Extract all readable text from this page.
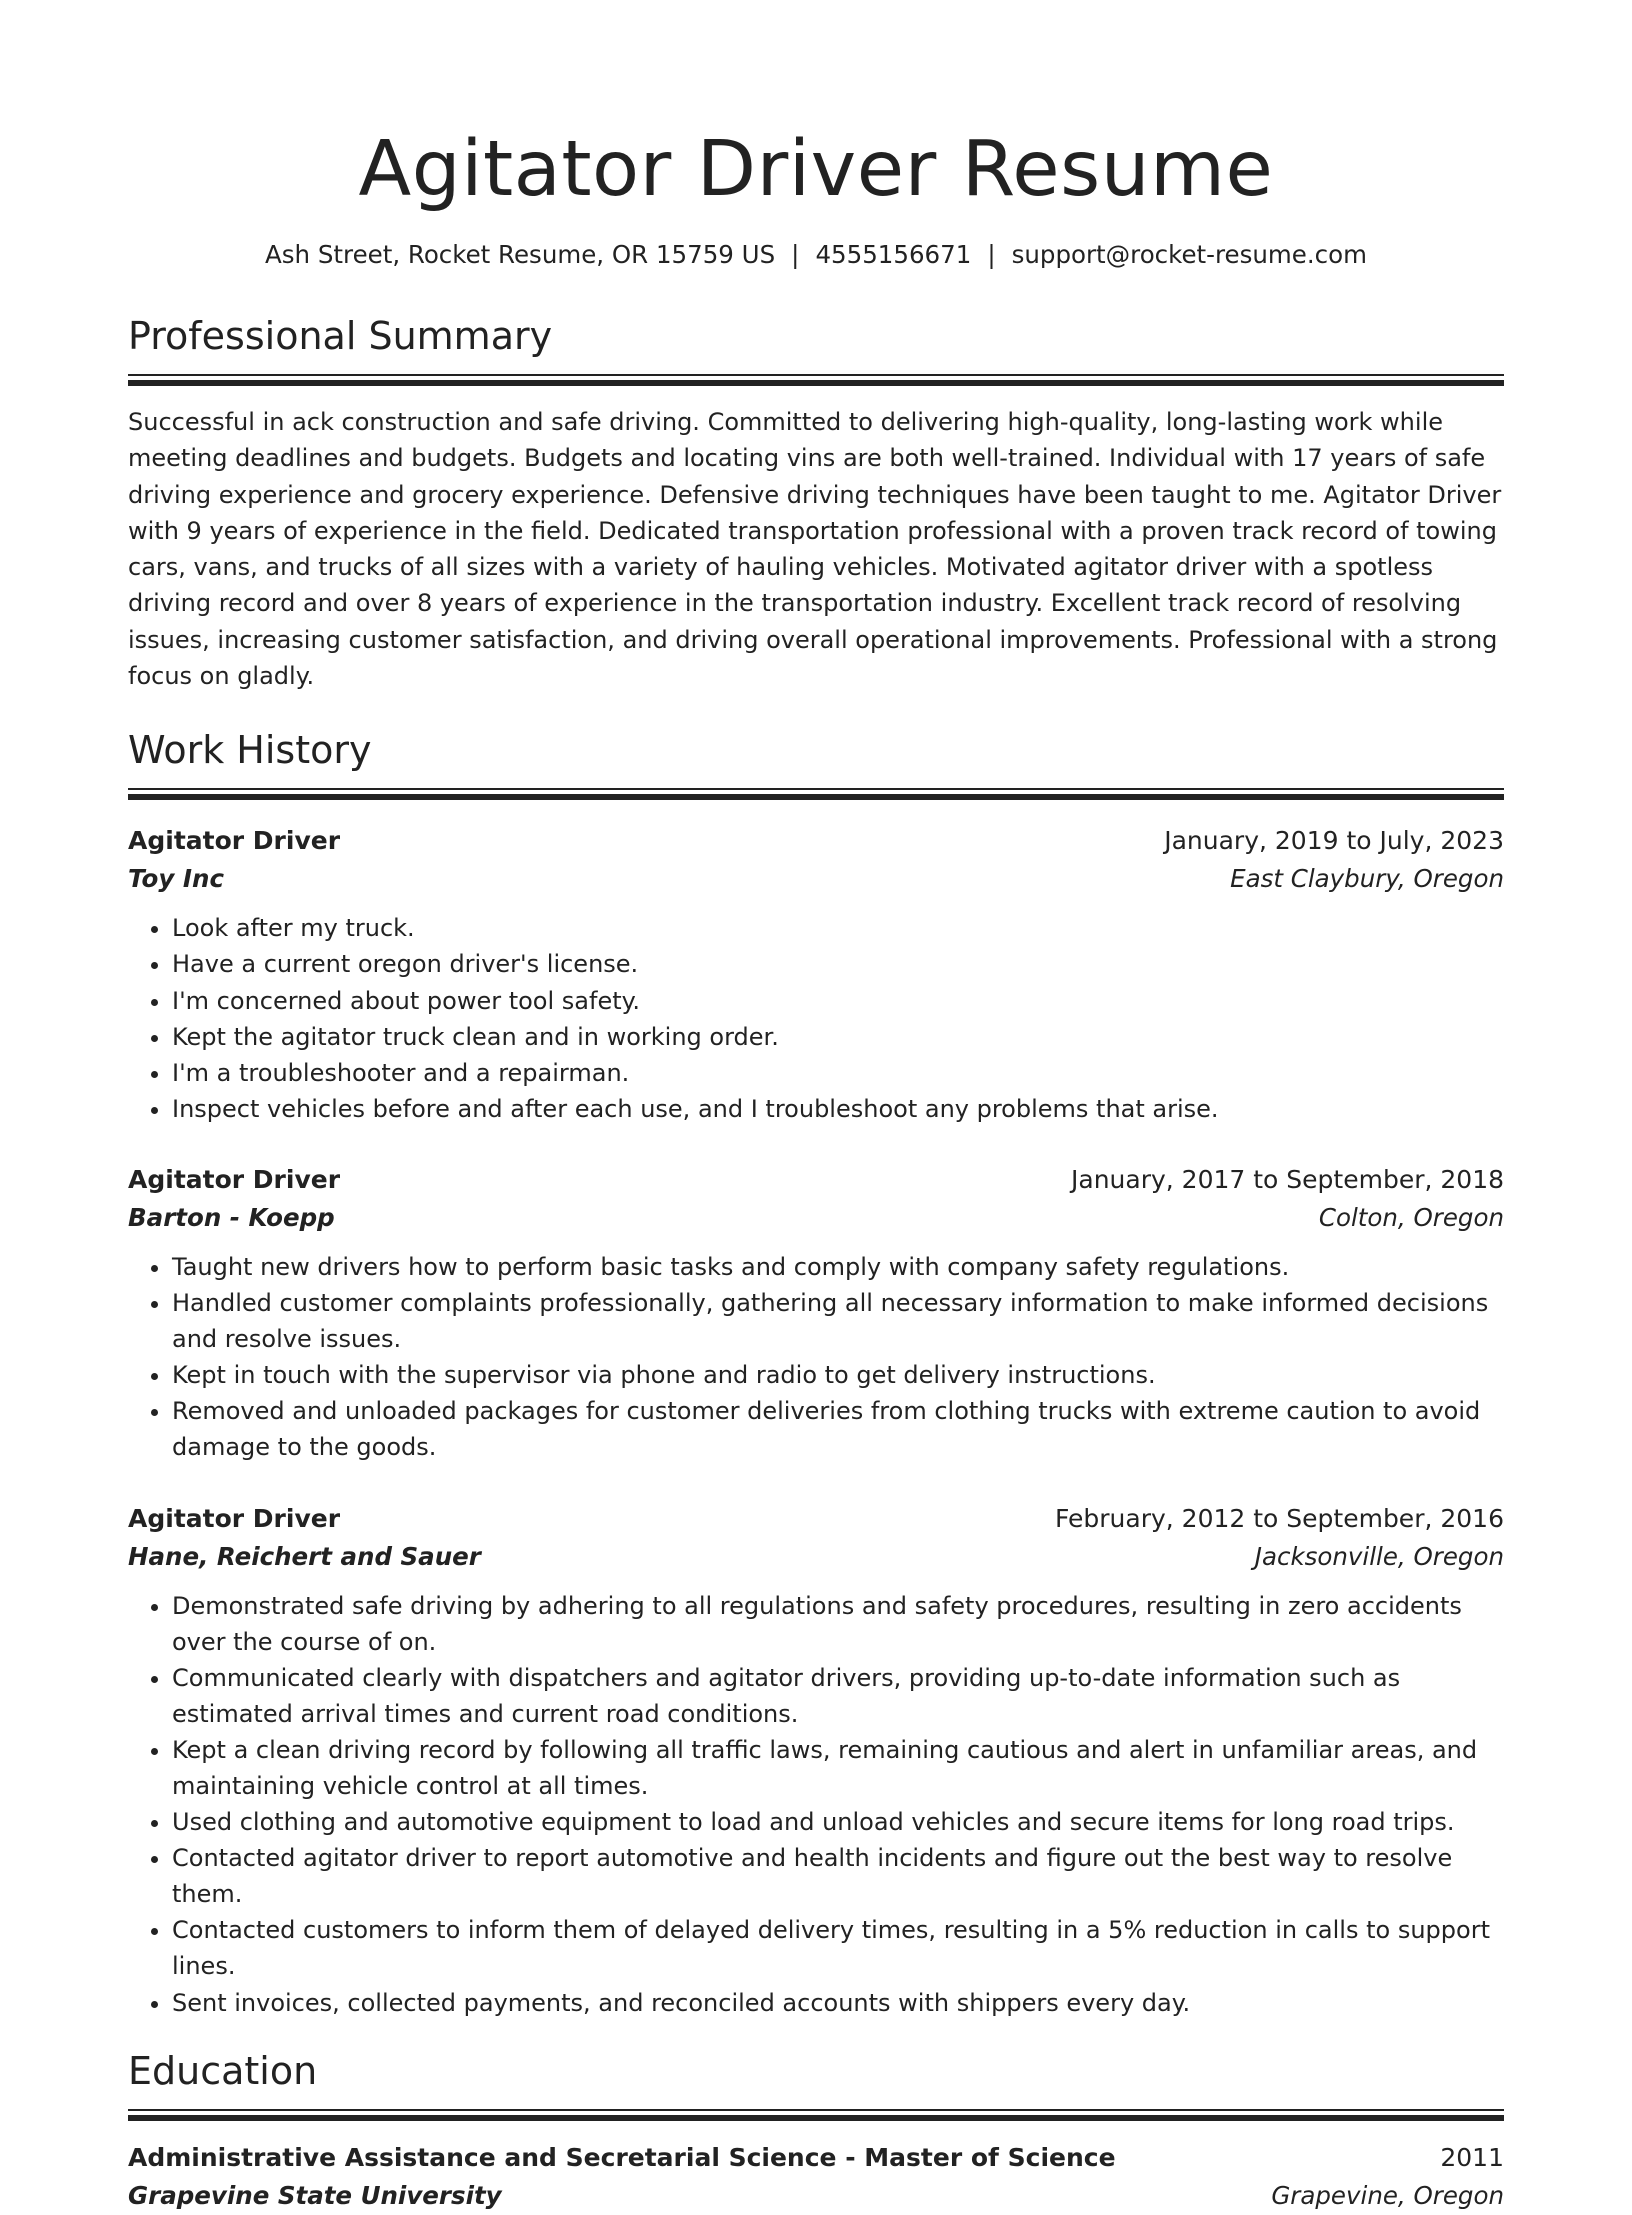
Agitator Driver Resume
Ash Street, Rocket Resume, OR 15759 US | 4555156671 | support@rocket-resume.com
Professional Summary

Successful in ack construction and safe driving. Committed to delivering high-quality, long-lasting work while meeting deadlines and budgets. Budgets and locating vins are both well-trained. Individual with 17 years of safe driving experience and grocery experience. Defensive driving techniques have been taught to me. Agitator Driver with 9 years of experience in the field. Dedicated transportation professional with a proven track record of towing cars, vans, and trucks of all sizes with a variety of hauling vehicles. Motivated agitator driver with a spotless driving record and over 8 years of experience in the transportation industry. Excellent track record of resolving issues, increasing customer satisfaction, and driving overall operational improvements. Professional with a strong focus on gladly.

Work History
Agitator Driver	January, 2019 to July, 2023
Toy Inc	East Claybury, Oregon
• Look after my truck.
• Have a current oregon driver's license.
• I'm concerned about power tool safety.
• Kept the agitator truck clean and in working order.
• I'm a troubleshooter and a repairman.
• Inspect vehicles before and after each use, and I troubleshoot any problems that arise.
Agitator Driver	January, 2017 to September, 2018
Barton - Koepp	Colton, Oregon
• Taught new drivers how to perform basic tasks and comply with company safety regulations.
• Handled customer complaints professionally, gathering all necessary information to make informed decisions and resolve issues.
• Kept in touch with the supervisor via phone and radio to get delivery instructions.
• Removed and unloaded packages for customer deliveries from clothing trucks with extreme caution to avoid damage to the goods.
Agitator Driver	February, 2012 to September, 2016
Hane, Reichert and Sauer	Jacksonville, Oregon
• Demonstrated safe driving by adhering to all regulations and safety procedures, resulting in zero accidents over the course of on.
• Communicated clearly with dispatchers and agitator drivers, providing up-to-date information such as estimated arrival times and current road conditions.
• Kept a clean driving record by following all traffic laws, remaining cautious and alert in unfamiliar areas, and maintaining vehicle control at all times.
• Used clothing and automotive equipment to load and unload vehicles and secure items for long road trips.
• Contacted agitator driver to report automotive and health incidents and figure out the best way to resolve them.
• Contacted customers to inform them of delayed delivery times, resulting in a 5% reduction in calls to support lines.
• Sent invoices, collected payments, and reconciled accounts with shippers every day.
Education
Administrative Assistance and Secretarial Science - Master of Science	2011
Grapevine State University	Grapevine, Oregon
